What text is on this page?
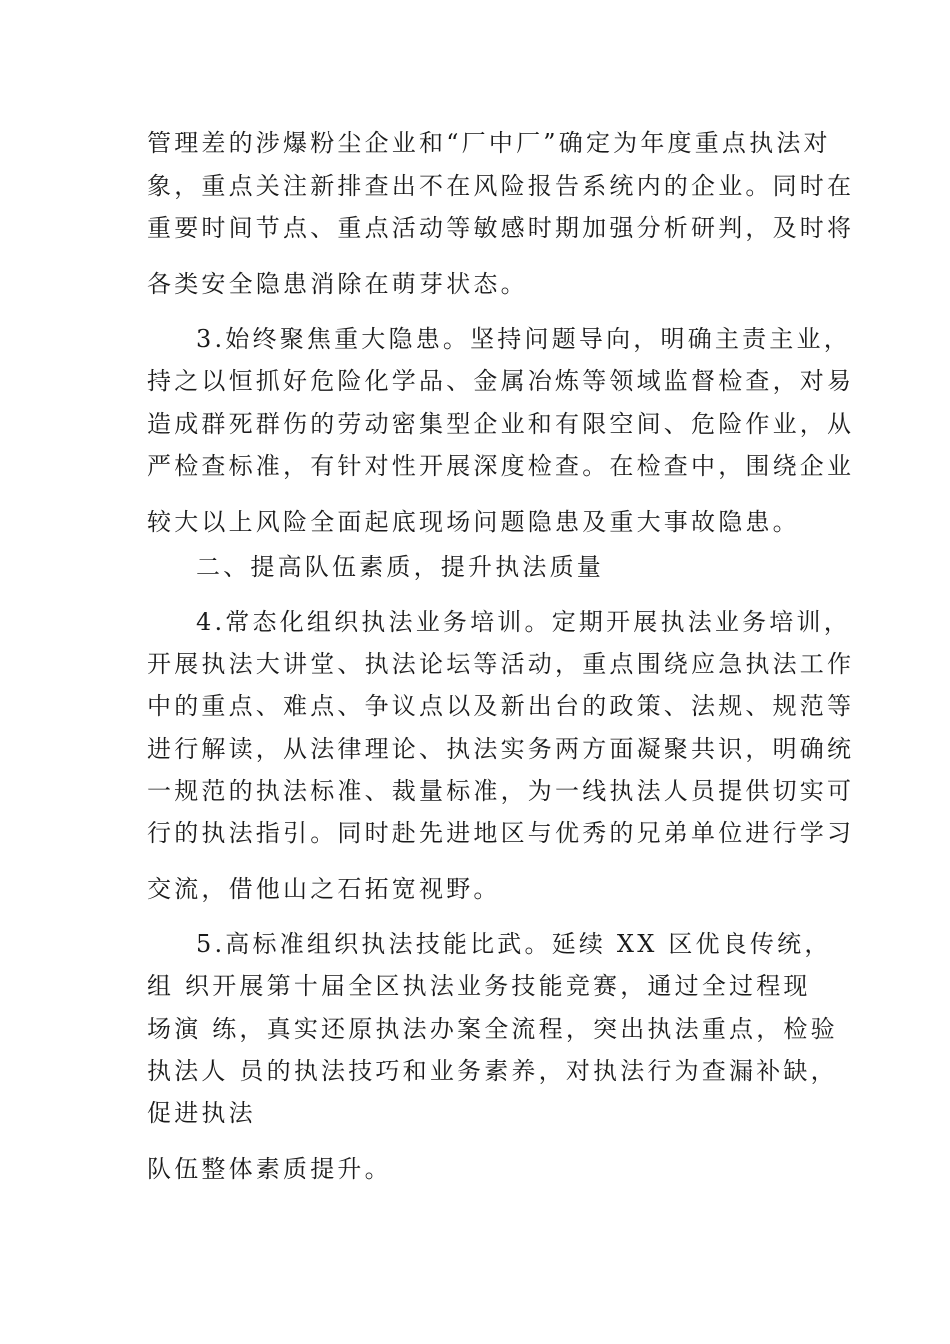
管理差的涉爆粉尘企业和“厂中厂”确定为年度重点执法对
象，重点关注新排查出不在风险报告系统内的企业。同时在
重要时间节点、重点活动等敏感时期加强分析研判，及时将
各类安全隐患消除在萌芽状态。
3.始终聚焦重大隐患。坚持问题导向，明确主责主业，
持之以恒抓好危险化学品、金属冶炼等领域监督检查，对易
造成群死群伤的劳动密集型企业和有限空间、危险作业，从
严检查标准，有针对性开展深度检查。在检查中，围绕企业
较大以上风险全面起底现场问题隐患及重大事故隐患。
二、提高队伍素质，提升执法质量
4.常态化组织执法业务培训。定期开展执法业务培训，
开展执法大讲堂、执法论坛等活动，重点围绕应急执法工作
中的重点、难点、争议点以及新出台的政策、法规、规范等
进行解读，从法律理论、执法实务两方面凝聚共识，明确统
一规范的执法标准、裁量标准，为一线执法人员提供切实可
行的执法指引。同时赴先进地区与优秀的兄弟单位进行学习
交流，借他山之石拓宽视野。
5.高标准组织执法技能比武。延续 XX 区优良传统，
组 织开展第十届全区执法业务技能竞赛，通过全过程现
场演 练，真实还原执法办案全流程，突出执法重点，检验
执法人 员的执法技巧和业务素养，对执法行为查漏补缺，
促进执法
队伍整体素质提升。
